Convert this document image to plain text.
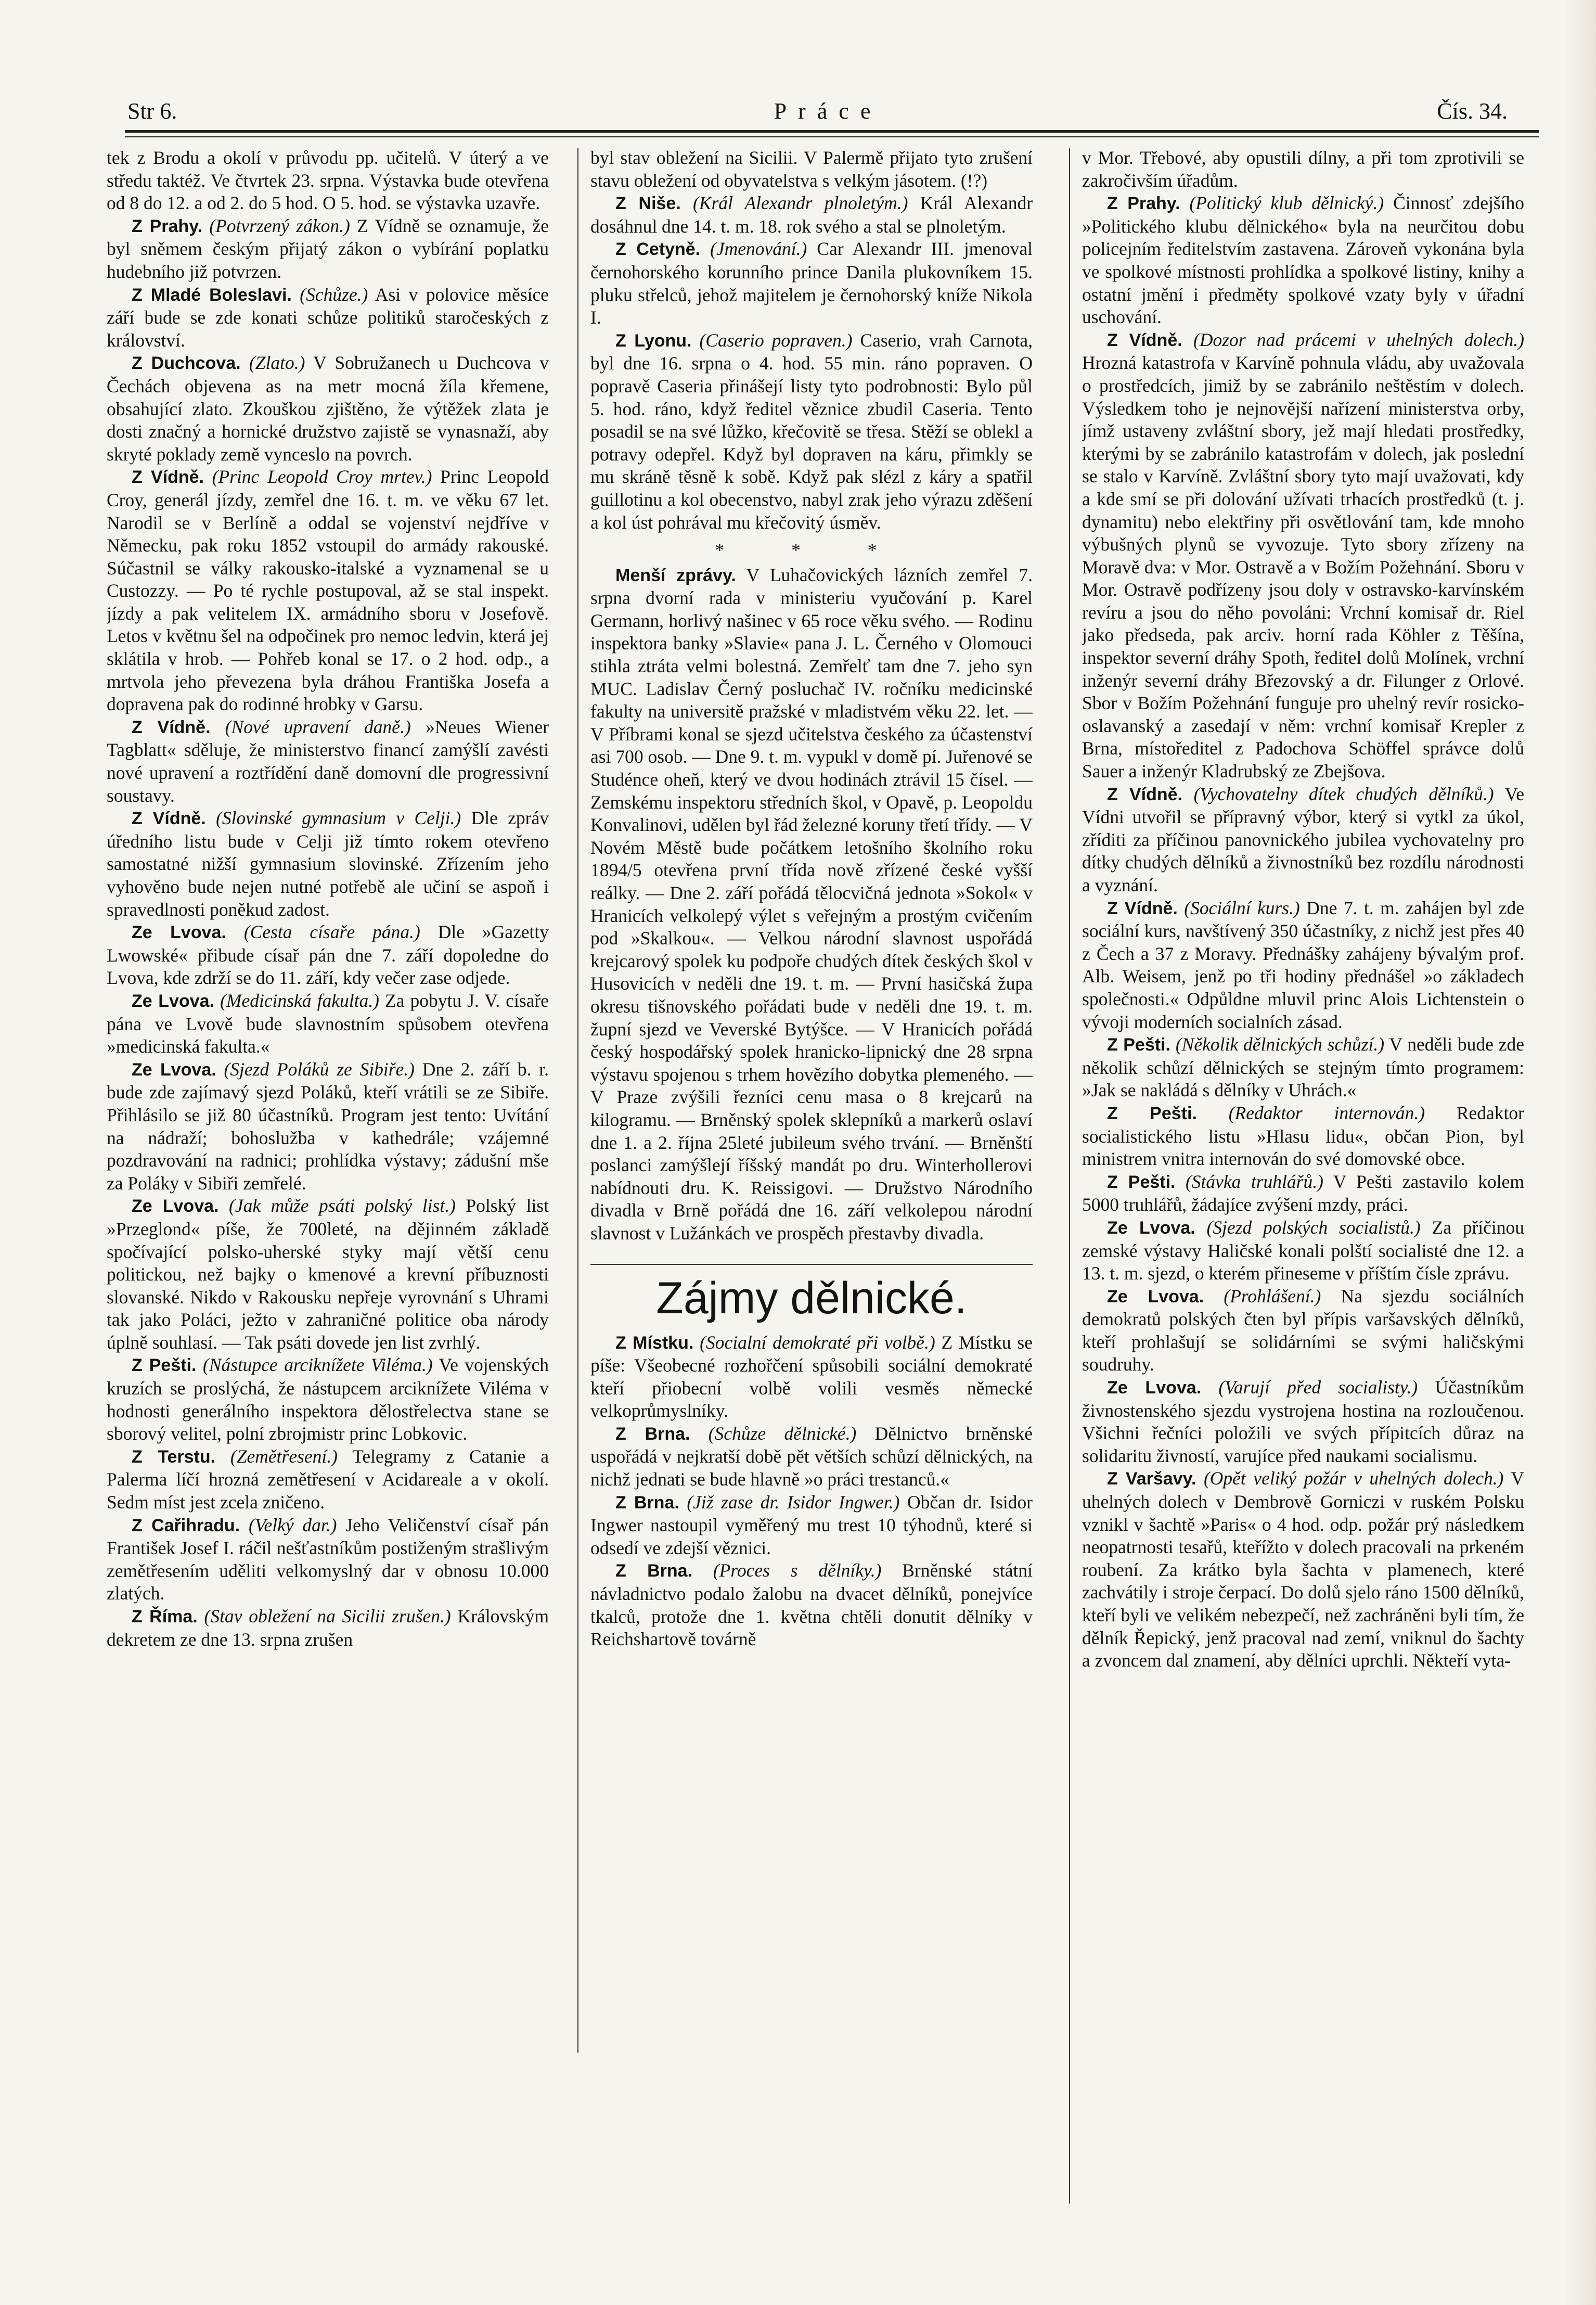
Str 6.	Práce	Čís. 34.

tek z Brodu a okolí v průvodu pp. učitelů. V úterý a ve středu taktéž. Ve čtvrtek 23. srpna. Výstavka bude otevřena od 8 do 12. a od 2. do 5 hod. O 5. hod. se výstavka uzavře.

Z Prahy. (Potvrzený zákon.) Z Vídně se oznamuje, že byl sněmem českým přijatý zákon o vybírání poplatku hudebního již potvrzen.

Z Mladé Boleslavi. (Schůze.) Asi v polovice měsíce září bude se zde konati schůze politiků staročeských z království.

Z Duchcova. (Zlato.) V Sobružanech u Duchcova v Čechách objevena as na metr mocná žíla křemene, obsahující zlato. Zkouškou zjištěno, že výtěžek zlata je dosti značný a hornické družstvo zajistě se vynasnaží, aby skryté poklady země vynceslo na povrch.

Z Vídně. (Princ Leopold Croy mrtev.) Princ Leopold Croy, generál jízdy, zemřel dne 16. t. m. ve věku 67 let. Narodil se v Berlíně a oddal se vojenství nejdříve v Německu, pak roku 1852 vstoupil do armády rakouské. Súčastnil se války rakousko-italské a vyznamenal se u Custozzy. — Po té rychle postupoval, až se stal inspekt. jízdy a pak velitelem IX. armádního sboru v Josefově. Letos v květnu šel na odpočinek pro nemoc ledvin, která jej sklátila v hrob. — Pohřeb konal se 17. o 2 hod. odp., a mrtvola jeho převezena byla dráhou Františka Josefa a dopravena pak do rodinné hrobky v Garsu.

Z Vídně. (Nové upravení daně.) »Neues Wiener Tagblatt« sděluje, že ministerstvo financí zamýšlí zavésti nové upravení a roztřídění daně domovní dle progressivní soustavy.

Z Vídně. (Slovinské gymnasium v Celji.) Dle zpráv úředního listu bude v Celji již tímto rokem otevřeno samostatné nižší gymnasium slovinské. Zřízením jeho vyhověno bude nejen nutné potřebě ale učiní se aspoň i spravedlnosti poněkud zadost.

Ze Lvova. (Cesta císaře pána.) Dle »Gazetty Lwowské« přibude císař pán dne 7. září dopoledne do Lvova, kde zdrží se do 11. září, kdy večer zase odjede.

Ze Lvova. (Medicinská fakulta.) Za pobytu J. V. císaře pána ve Lvově bude slavnostním spůsobem otevřena »medicinská fakulta.«

Ze Lvova. (Sjezd Poláků ze Sibiře.) Dne 2. září b. r. bude zde zajímavý sjezd Poláků, kteří vrátili se ze Sibiře. Přihlásilo se již 80 účastníků. Program jest tento: Uvítání na nádraží; bohoslužba v kathedrále; vzájemné pozdravování na radnici; prohlídka výstavy; zádušní mše za Poláky v Sibiři zemřelé.

Ze Lvova. (Jak může psáti polský list.) Polský list »Przeglond« píše, že 700leté, na dějinném základě spočívající polsko-uherské styky mají větší cenu politickou, než bajky o kmenové a krevní příbuznosti slovanské. Nikdo v Rakousku nepřeje vyrovnání s Uhrami tak jako Poláci, ježto v zahraničné politice oba národy úplně souhlasí. — Tak psáti dovede jen list zvrhlý.

Z Pešti. (Nástupce arciknížete Viléma.) Ve vojenských kruzích se proslýchá, že nástupcem arciknížete Viléma v hodnosti generálního inspektora dělostřelectva stane se sborový velitel, polní zbrojmistr princ Lobkovic.

Z Terstu. (Zemětřesení.) Telegramy z Catanie a Palerma líčí hrozná zemětřesení v Acidareale a v okolí. Sedm míst jest zcela zničeno.

Z Cařihradu. (Velký dar.) Jeho Veličenství císař pán František Josef I. ráčil nešťastníkům postiženým strašlivým zemětřesením uděliti velkomyslný dar v obnosu 10.000 zlatých.

Z Říma. (Stav obležení na Sicilii zrušen.) Královským dekretem ze dne 13. srpna zrušen

byl stav obležení na Sicilii. V Palermě přijato tyto zrušení stavu obležení od obyvatelstva s velkým jásotem. (!?)

Z Niše. (Král Alexandr plnoletým.) Král Alexandr dosáhnul dne 14. t. m. 18. rok svého a stal se plnoletým.

Z Cetyně. (Jmenování.) Car Alexandr III. jmenoval černohorského korunního prince Danila plukovníkem 15. pluku střelců, jehož majitelem je černohorský kníže Nikola I.

Z Lyonu. (Caserio popraven.) Caserio, vrah Carnota, byl dne 16. srpna o 4. hod. 55 min. ráno popraven. O popravě Caseria přinášejí listy tyto podrobnosti: Bylo půl 5. hod. ráno, když ředitel věznice zbudil Caseria. Tento posadil se na své lůžko, křečovitě se třesa. Stěží se oblekl a potravy odepřel. Když byl dopraven na káru, přimkly se mu skráně těsně k sobě. Když pak slézl z káry a spatřil guillotinu a kol obecenstvo, nabyl zrak jeho výrazu zděšení a kol úst pohrával mu křečovitý úsměv.

* * *

Menší zprávy. V Luhačovických lázních zemřel 7. srpna dvorní rada v ministeriu vyučování p. Karel Germann, horlivý našinec v 65 roce věku svého. — Rodinu inspektora banky »Slavie« pana J. L. Černého v Olomouci stihla ztráta velmi bolestná. Zemřelť tam dne 7. jeho syn MUC. Ladislav Černý posluchač IV. ročníku medicinské fakulty na universitě pražské v mladistvém věku 22. let. — V Příbrami konal se sjezd učitelstva českého za účastenství asi 700 osob. — Dne 9. t. m. vypukl v domě pí. Juřenové se Studénce oheň, který ve dvou hodinách ztrávil 15 čísel. — Zemskému inspektoru středních škol, v Opavě, p. Leopoldu Konvalinovi, udělen byl řád železné koruny třetí třídy. — V Novém Městě bude počátkem letošního školního roku 1894/5 otevřena první třída nově zřízené české vyšší reálky. — Dne 2. září pořádá tělocvičná jednota »Sokol« v Hranicích velkolepý výlet s veřejným a prostým cvičením pod »Skalkou«. — Velkou národní slavnost uspořádá krejcarový spolek ku podpoře chudých dítek českých škol v Husovicích v neděli dne 19. t. m. — První hasičská župa okresu tišnovského pořádati bude v neděli dne 19. t. m. župní sjezd ve Veverské Bytýšce. — V Hranicích pořádá český hospodářský spolek hranicko-lipnický dne 28 srpna výstavu spojenou s trhem hovězího dobytka plemeného. — V Praze zvýšili řezníci cenu masa o 8 krejcarů na kilogramu. — Brněnský spolek sklepníků a markerů oslaví dne 1. a 2. října 25leté jubileum svého trvání. — Brněnští poslanci zamýšlejí říšský mandát po dru. Winterhollerovi nabídnouti dru. K. Reissigovi. — Družstvo Národního divadla v Brně pořádá dne 16. září velkolepou národní slavnost v Lužánkách ve prospěch přestavby divadla.

Zájmy dělnické.

Z Místku. (Socialní demokraté při volbě.) Z Místku se píše: Všeobecné rozhořčení spůsobili sociální demokraté kteří přiobecní volbě volili vesměs německé velkoprůmyslníky.

Z Brna. (Schůze dělnické.) Dělnictvo brněnské uspořádá v nejkratší době pět větších schůzí dělnických, na nichž jednati se bude hlavně »o práci trestanců.«

Z Brna. (Již zase dr. Isidor Ingwer.) Občan dr. Isidor Ingwer nastoupil vyměřený mu trest 10 týhodnů, které si odsedí ve zdejší věznici.

Z Brna. (Proces s dělníky.) Brněnské státní návladnictvo podalo žalobu na dvacet dělníků, ponejvíce tkalců, protože dne 1. května chtěli donutit dělníky v Reichshartově továrně

v Mor. Třebové, aby opustili dílny, a při tom zprotivili se zakročivším úřadům.

Z Prahy. (Politický klub dělnický.) Činnosť zdejšího »Politického klubu dělnického« byla na neurčitou dobu policejním ředitelstvím zastavena. Zároveň vykonána byla ve spolkové místnosti prohlídka a spolkové listiny, knihy a ostatní jmění i předměty spolkové vzaty byly v úřadní uschování.

Z Vídně. (Dozor nad prácemi v uhelných dolech.) Hrozná katastrofa v Karvíně pohnula vládu, aby uvažovala o prostředcích, jimiž by se zabránilo neštěstím v dolech. Výsledkem toho je nejnovější nařízení ministerstva orby, jímž ustaveny zvláštní sbory, jež mají hledati prostředky, kterými by se zabránilo katastrofám v dolech, jak poslední se stalo v Karvíně. Zvláštní sbory tyto mají uvažovati, kdy a kde smí se při dolování užívati trhacích prostředků (t. j. dynamitu) nebo elektřiny při osvětlování tam, kde mnoho výbušných plynů se vyvozuje. Tyto sbory zřízeny na Moravě dva: v Mor. Ostravě a v Božím Požehnání. Sboru v Mor. Ostravě podřízeny jsou doly v ostravsko-karvínském revíru a jsou do něho povoláni: Vrchní komisař dr. Riel jako předseda, pak arciv. horní rada Köhler z Těšína, inspektor severní dráhy Spoth, ředitel dolů Molínek, vrchní inženýr severní dráhy Březovský a dr. Filunger z Orlové. Sbor v Božím Požehnání funguje pro uhelný revír rosicko-oslavanský a zasedají v něm: vrchní komisař Krepler z Brna, místoředitel z Padochova Schöffel správce dolů Sauer a inženýr Kladrubský ze Zbejšova.

Z Vídně. (Vychovatelny dítek chudých dělníků.) Ve Vídni utvořil se přípravný výbor, který si vytkl za úkol, zříditi za příčinou panovnického jubilea vychovatelny pro dítky chudých dělníků a živnostníků bez rozdílu národnosti a vyznání.

Z Vídně. (Sociální kurs.) Dne 7. t. m. zahájen byl zde sociální kurs, navštívený 350 účastníky, z nichž jest přes 40 z Čech a 37 z Moravy. Přednášky zahájeny bývalým prof. Alb. Weisem, jenž po tři hodiny přednášel »o základech společnosti.« Odpůldne mluvil princ Alois Lichtenstein o vývoji moderních socialních zásad.

Z Pešti. (Několik dělnických schůzí.) V neděli bude zde několik schůzí dělnických se stejným tímto programem: »Jak se nakládá s dělníky v Uhrách.«

Z Pešti. (Redaktor internován.) Redaktor socialistického listu »Hlasu lidu«, občan Pion, byl ministrem vnitra internován do své domovské obce.

Z Pešti. (Stávka truhlářů.) V Pešti zastavilo kolem 5000 truhlářů, žádajíce zvýšení mzdy, práci.

Ze Lvova. (Sjezd polských socialistů.) Za příčinou zemské výstavy Haličské konali polští socialisté dne 12. a 13. t. m. sjezd, o kterém přineseme v příštím čísle zprávu.

Ze Lvova. (Prohlášení.) Na sjezdu sociálních demokratů polských čten byl přípis varšavských dělníků, kteří prohlašují se solidárními se svými haličskými soudruhy.

Ze Lvova. (Varují před socialisty.) Účastníkům živnostenského sjezdu vystrojena hostina na rozloučenou. Všichni řečníci položili ve svých přípitcích důraz na solidaritu živností, varujíce před naukami socialismu.

Z Varšavy. (Opět veliký požár v uhelných dolech.) V uhelných dolech v Dembrově Gorniczi v ruském Polsku vznikl v šachtě »Paris« o 4 hod. odp. požár prý následkem neopatrnosti tesařů, kteřížto v dolech pracovali na prkeném roubení. Za krátko byla šachta v plamenech, které zachvátily i stroje čerpací. Do dolů sjelo ráno 1500 dělníků, kteří byli ve velikém nebezpečí, než zachráněni byli tím, že dělník Řepický, jenž pracoval nad zemí, vniknul do šachty a zvoncem dal znamení, aby dělníci uprchli. Někteří vyta-
